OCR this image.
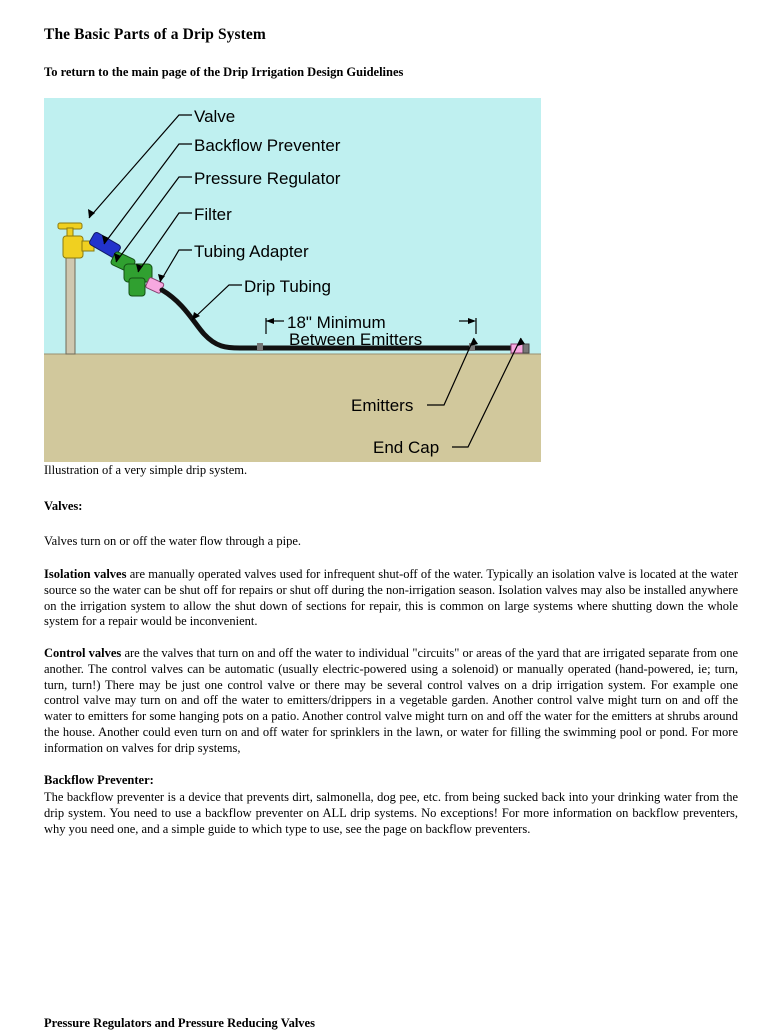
The Basic Parts of a Drip System
To return to the main page of the Drip Irrigation Design Guidelines
Valve
Backflow Preventer
Pressure Regulator
Filter
Tubing Adapter
Drip Tubing
18" Minimum
Between Emitters
Emitters
End Cap
Illustration of a very simple drip system.
Valves:
Valves turn on or off the water flow through a pipe.
Isolation valves are manually operated valves used for infrequent shut-off of the water. Typically an isolation valve is located at the water source so the water can be shut off for repairs or shut off during the non-irrigation season. Isolation valves may also be installed anywhere on the irrigation system to allow the shut down of sections for repair, this is common on large systems where shutting down the whole system for a repair would be inconvenient.
Control valves are the valves that turn on and off the water to individual "circuits" or areas of the yard that are irrigated separate from one another. The control valves can be automatic (usually electric-powered using a solenoid) or manually operated (hand-powered, ie; turn, turn, turn!) There may be just one control valve or there may be several control valves on a drip irrigation system. For example one control valve may turn on and off the water to emitters/drippers in a vegetable garden. Another control valve might turn on and off the water to emitters for some hanging pots on a patio. Another control valve might turn on and off the water for the emitters at shrubs around the house. Another could even turn on and off water for sprinklers in the lawn, or water for filling the swimming pool or pond. For more information on valves for drip systems,
Backflow Preventer:
The backflow preventer is a device that prevents dirt, salmonella, dog pee, etc. from being sucked back into your drinking water from the drip system. You need to use a backflow preventer on ALL drip systems. No exceptions! For more information on backflow preventers, why you need one, and a simple guide to which type to use, see the page on backflow preventers.
Pressure Regulators and Pressure Reducing Valves
